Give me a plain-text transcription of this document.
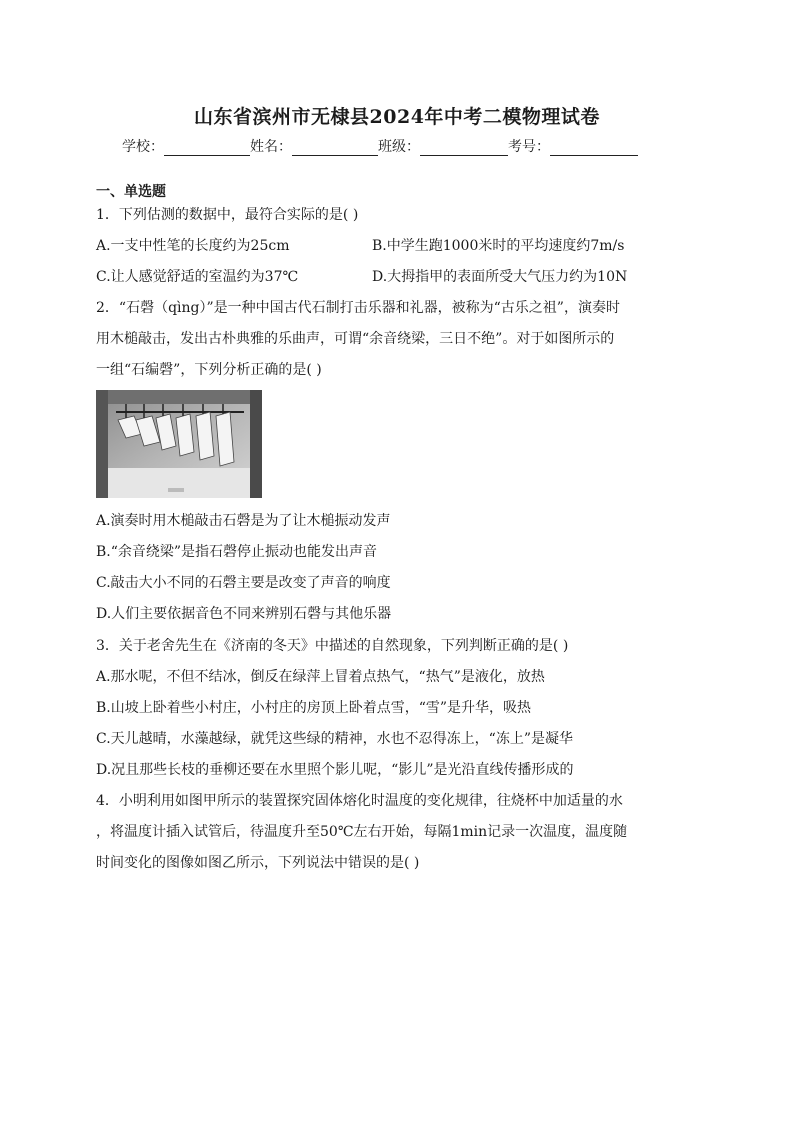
山东省滨州市无棣县2024年中考二模物理试卷
学校：	姓名：	班级：	考号：
一、单选题
1．下列估测的数据中，最符合实际的是( )
A.一支中性笔的长度约为25cm	B.中学生跑1000米时的平均速度约7m/s
C.让人感觉舒适的室温约为37℃	D.大拇指甲的表面所受大气压力约为10N
2．“石磬（qìng）”是一种中国古代石制打击乐器和礼器，被称为“古乐之祖”，演奏时
用木槌敲击，发出古朴典雅的乐曲声，可谓“余音绕梁，三日不绝”。对于如图所示的
一组“石编磬”，下列分析正确的是( )
A.演奏时用木槌敲击石磬是为了让木槌振动发声
B.“余音绕梁”是指石磬停止振动也能发出声音
C.敲击大小不同的石磬主要是改变了声音的响度
D.人们主要依据音色不同来辨别石磬与其他乐器
3．关于老舍先生在《济南的冬天》中描述的自然现象，下列判断正确的是( )
A.那水呢，不但不结冰，倒反在绿萍上冒着点热气，“热气”是液化，放热
B.山坡上卧着些小村庄，小村庄的房顶上卧着点雪，“雪”是升华，吸热
C.天儿越晴，水藻越绿，就凭这些绿的精神，水也不忍得冻上，“冻上”是凝华
D.况且那些长枝的垂柳还要在水里照个影儿呢，“影儿”是光沿直线传播形成的
4．小明利用如图甲所示的装置探究固体熔化时温度的变化规律，往烧杯中加适量的水
，将温度计插入试管后，待温度升至50℃左右开始，每隔1min记录一次温度，温度随
时间变化的图像如图乙所示，下列说法中错误的是( )
